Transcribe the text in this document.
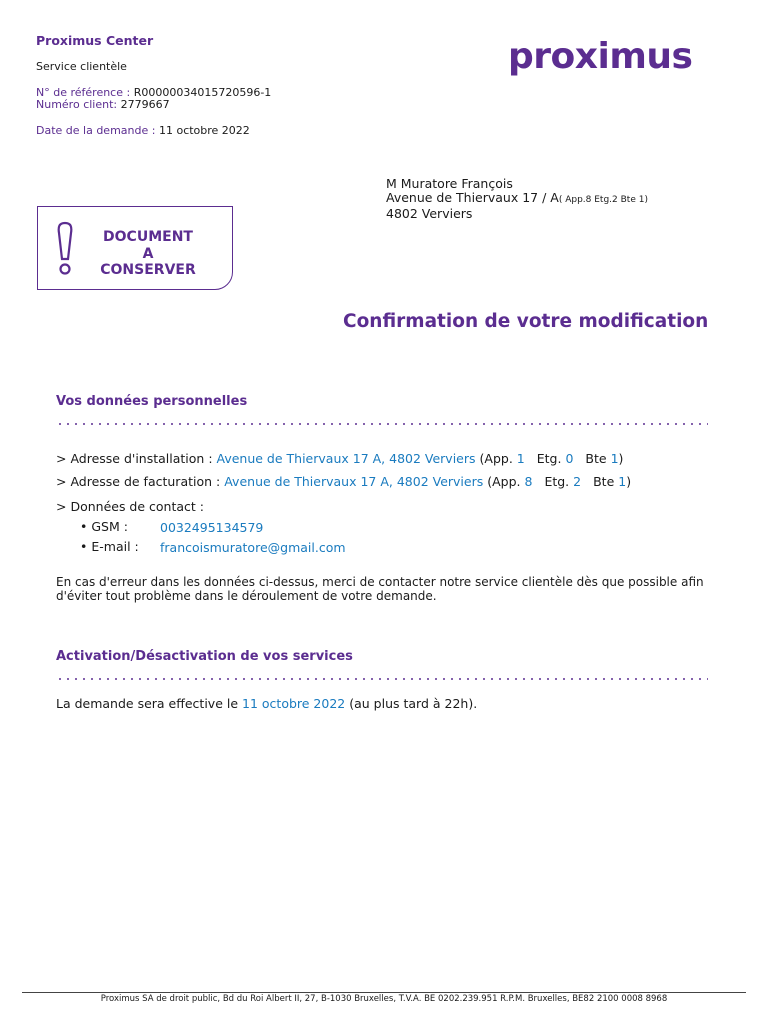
Proximus Center
Service clientèle
N° de référence : R00000034015720596-1
Numéro client: 2779667
Date de la demande : 11 octobre 2022
proximus
M Muratore François
Avenue de Thiervaux 17 / A( App.8 Etg.2 Bte 1)
4802 Verviers
DOCUMENT
A
CONSERVER
Confirmation de votre modification
Vos données personnelles
> Adresse d'installation : Avenue de Thiervaux 17 A, 4802 Verviers (App. 1 Etg. 0 Bte 1)
> Adresse de facturation : Avenue de Thiervaux 17 A, 4802 Verviers (App. 8 Etg. 2 Bte 1)
> Données de contact :
• GSM :	0032495134579
• E-mail : francoismuratore@gmail.com
En cas d'erreur dans les données ci-dessus, merci de contacter notre service clientèle dès que possible afin
d'éviter tout problème dans le déroulement de votre demande.
Activation/Désactivation de vos services
La demande sera effective le 11 octobre 2022 (au plus tard à 22h).
Proximus SA de droit public, Bd du Roi Albert II, 27, B-1030 Bruxelles, T.V.A. BE 0202.239.951 R.P.M. Bruxelles, BE82 2100 0008 8968
